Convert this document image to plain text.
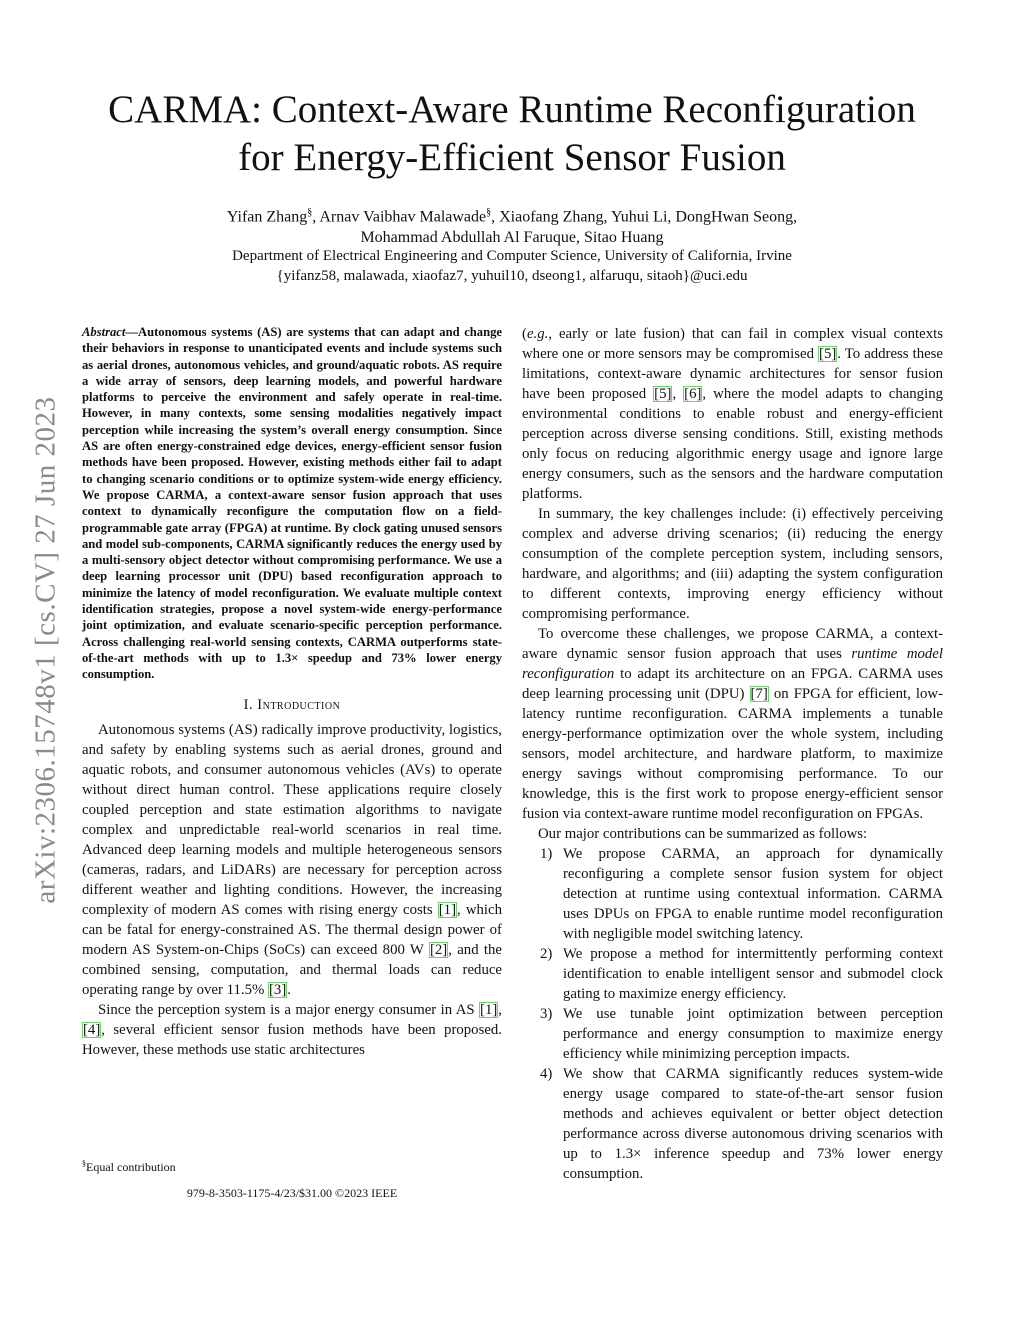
CARMA: Context-Aware Runtime Reconfiguration
for Energy-Efficient Sensor Fusion
Yifan Zhang§, Arnav Vaibhav Malawade§, Xiaofang Zhang, Yuhui Li, DongHwan Seong,
Mohammad Abdullah Al Faruque, Sitao Huang
Department of Electrical Engineering and Computer Science, University of California, Irvine
{yifanz58, malawada, xiaofaz7, yuhuil10, dseong1, alfaruqu, sitaoh}@uci.edu
arXiv:2306.15748v1 [cs.CV] 27 Jun 2023

Abstract—Autonomous systems (AS) are systems that can adapt and change their behaviors in response to unanticipated events and include systems such as aerial drones, autonomous vehicles, and ground/aquatic robots. AS require a wide array of sensors, deep learning models, and powerful hardware platforms to perceive the environment and safely operate in real-time. However, in many contexts, some sensing modalities negatively impact perception while increasing the system’s overall energy consumption. Since AS are often energy-constrained edge devices, energy-efficient sensor fusion methods have been proposed. However, existing methods either fail to adapt to changing scenario conditions or to optimize system-wide energy efficiency. We propose CARMA, a context-aware sensor fusion approach that uses context to dynamically reconfigure the computation flow on a field-programmable gate array (FPGA) at runtime. By clock gating unused sensors and model sub-components, CARMA significantly reduces the energy used by a multi-sensory object detector without compromising performance. We use a deep learning processor unit (DPU) based reconfiguration approach to minimize the latency of model reconfiguration. We evaluate multiple context identification strategies, propose a novel system-wide energy-performance joint optimization, and evaluate scenario-specific perception performance. Across challenging real-world sensing contexts, CARMA outperforms state-of-the-art methods with up to 1.3× speedup and 73% lower energy consumption.

I. Introduction

Autonomous systems (AS) radically improve productivity, logistics, and safety by enabling systems such as aerial drones, ground and aquatic robots, and consumer autonomous vehicles (AVs) to operate without direct human control. These applications require closely coupled perception and state estimation algorithms to navigate complex and unpredictable real-world scenarios in real time. Advanced deep learning models and multiple heterogeneous sensors (cameras, radars, and LiDARs) are necessary for perception across different weather and lighting conditions. However, the increasing complexity of modern AS comes with rising energy costs [1], which can be fatal for energy-constrained AS. The thermal design power of modern AS System-on-Chips (SoCs) can exceed 800 W [2], and the combined sensing, computation, and thermal loads can reduce operating range by over 11.5% [3].

Since the perception system is a major energy consumer in AS [1], [4], several efficient sensor fusion methods have been proposed. However, these methods use static architectures

(e.g., early or late fusion) that can fail in complex visual contexts where one or more sensors may be compromised [5]. To address these limitations, context-aware dynamic architectures for sensor fusion have been proposed [5], [6], where the model adapts to changing environmental conditions to enable robust and energy-efficient perception across diverse sensing conditions. Still, existing methods only focus on reducing algorithmic energy usage and ignore large energy consumers, such as the sensors and the hardware computation platforms.

In summary, the key challenges include: (i) effectively perceiving complex and adverse driving scenarios; (ii) reducing the energy consumption of the complete perception system, including sensors, hardware, and algorithms; and (iii) adapting the system configuration to different contexts, improving energy efficiency without compromising performance.

To overcome these challenges, we propose CARMA, a context-aware dynamic sensor fusion approach that uses runtime model reconfiguration to adapt its architecture on an FPGA. CARMA uses deep learning processing unit (DPU) [7] on FPGA for efficient, low-latency runtime reconfiguration. CARMA implements a tunable energy-performance optimization over the whole system, including sensors, model architecture, and hardware platform, to maximize energy savings without compromising performance. To our knowledge, this is the first work to propose energy-efficient sensor fusion via context-aware runtime model reconfiguration on FPGAs.

Our major contributions can be summarized as follows:

1) We propose CARMA, an approach for dynamically reconfiguring a complete sensor fusion system for object detection at runtime using contextual information. CARMA uses DPUs on FPGA to enable runtime model reconfiguration with negligible model switching latency.
2) We propose a method for intermittently performing context identification to enable intelligent sensor and submodel clock gating to maximize energy efficiency.
3) We use tunable joint optimization between perception performance and energy consumption to maximize energy efficiency while minimizing perception impacts.
4) We show that CARMA significantly reduces system-wide energy usage compared to state-of-the-art sensor fusion methods and achieves equivalent or better object detection performance across diverse autonomous driving scenarios with up to 1.3× inference speedup and 73% lower energy consumption.
§Equal contribution
979-8-3503-1175-4/23/$31.00 ©2023 IEEE
